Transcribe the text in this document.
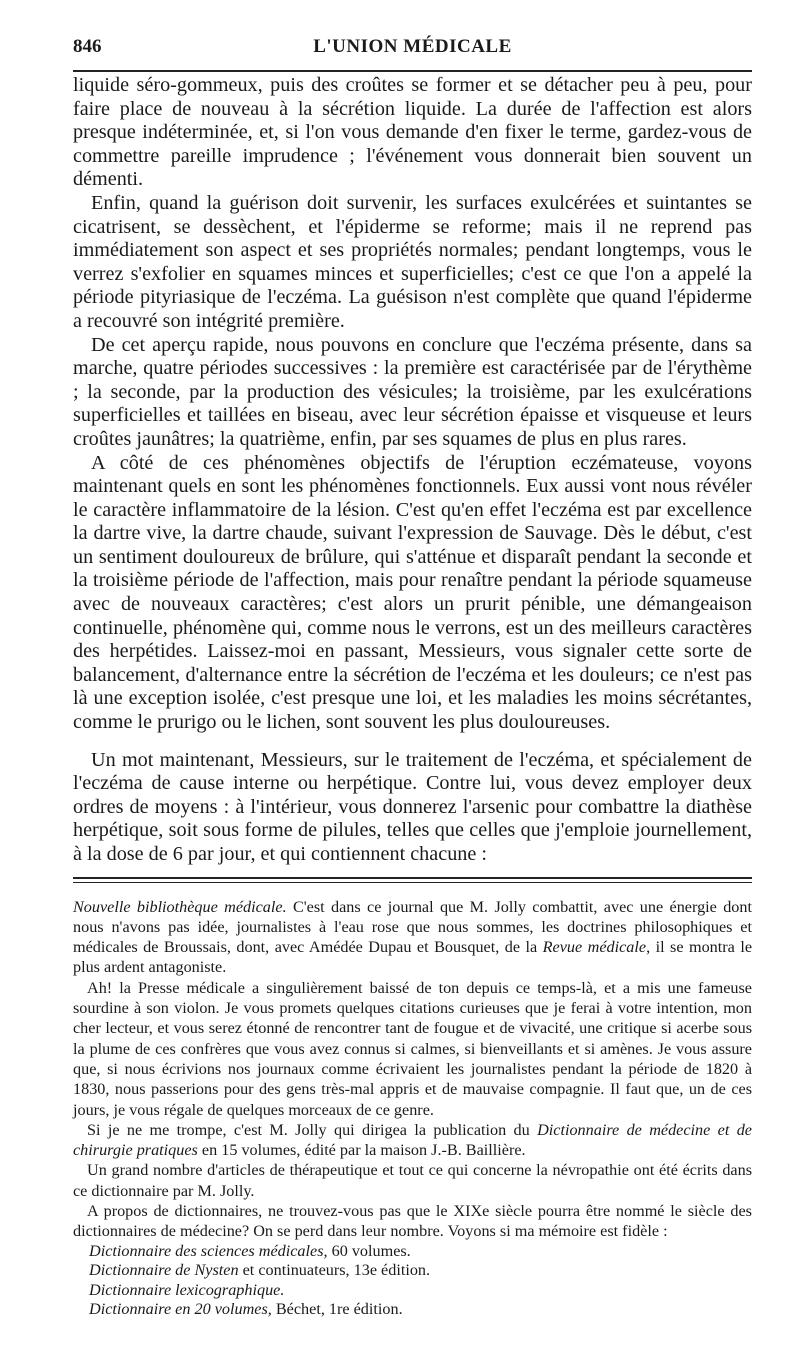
846	L'UNION MÉDICALE

liquide séro-gommeux, puis des croûtes se former et se détacher peu à peu, pour faire place de nouveau à la sécrétion liquide. La durée de l'affection est alors presque indéterminée, et, si l'on vous demande d'en fixer le terme, gardez-vous de commettre pareille imprudence ; l'événement vous donnerait bien souvent un démenti.

Enfin, quand la guérison doit survenir, les surfaces exulcérées et suintantes se cicatrisent, se dessèchent, et l'épiderme se reforme; mais il ne reprend pas immédiatement son aspect et ses propriétés normales; pendant longtemps, vous le verrez s'exfolier en squames minces et superficielles; c'est ce que l'on a appelé la période pityriasique de l'eczéma. La guésison n'est complète que quand l'épiderme a recouvré son intégrité première.

De cet aperçu rapide, nous pouvons en conclure que l'eczéma présente, dans sa marche, quatre périodes successives : la première est caractérisée par de l'érythème ; la seconde, par la production des vésicules; la troisième, par les exulcérations superficielles et taillées en biseau, avec leur sécrétion épaisse et visqueuse et leurs croûtes jaunâtres; la quatrième, enfin, par ses squames de plus en plus rares.

A côté de ces phénomènes objectifs de l'éruption eczémateuse, voyons maintenant quels en sont les phénomènes fonctionnels. Eux aussi vont nous révéler le caractère inflammatoire de la lésion. C'est qu'en effet l'eczéma est par excellence la dartre vive, la dartre chaude, suivant l'expression de Sauvage. Dès le début, c'est un sentiment douloureux de brûlure, qui s'atténue et disparaît pendant la seconde et la troisième période de l'affection, mais pour renaître pendant la période squameuse avec de nouveaux caractères; c'est alors un prurit pénible, une démangeaison continuelle, phénomène qui, comme nous le verrons, est un des meilleurs caractères des herpétides. Laissez-moi en passant, Messieurs, vous signaler cette sorte de balancement, d'alternance entre la sécrétion de l'eczéma et les douleurs; ce n'est pas là une exception isolée, c'est presque une loi, et les maladies les moins sécrétantes, comme le prurigo ou le lichen, sont souvent les plus douloureuses.

Un mot maintenant, Messieurs, sur le traitement de l'eczéma, et spécialement de l'eczéma de cause interne ou herpétique. Contre lui, vous devez employer deux ordres de moyens : à l'intérieur, vous donnerez l'arsenic pour combattre la diathèse herpétique, soit sous forme de pilules, telles que celles que j'emploie journellement, à la dose de 6 par jour, et qui contiennent chacune :

Nouvelle bibliothèque médicale. C'est dans ce journal que M. Jolly combattit, avec une énergie dont nous n'avons pas idée, journalistes à l'eau rose que nous sommes, les doctrines philosophiques et médicales de Broussais, dont, avec Amédée Dupau et Bousquet, de la Revue médicale, il se montra le plus ardent antagoniste.

Ah! la Presse médicale a singulièrement baissé de ton depuis ce temps-là, et a mis une fameuse sourdine à son violon. Je vous promets quelques citations curieuses que je ferai à votre intention, mon cher lecteur, et vous serez étonné de rencontrer tant de fougue et de vivacité, une critique si acerbe sous la plume de ces confrères que vous avez connus si calmes, si bienveillants et si amènes. Je vous assure que, si nous écrivions nos journaux comme écrivaient les journalistes pendant la période de 1820 à 1830, nous passerions pour des gens très-mal appris et de mauvaise compagnie. Il faut que, un de ces jours, je vous régale de quelques morceaux de ce genre.

Si je ne me trompe, c'est M. Jolly qui dirigea la publication du Dictionnaire de médecine et de chirurgie pratiques en 15 volumes, édité par la maison J.-B. Baillière.

Un grand nombre d'articles de thérapeutique et tout ce qui concerne la névropathie ont été écrits dans ce dictionnaire par M. Jolly.

A propos de dictionnaires, ne trouvez-vous pas que le XIXe siècle pourra être nommé le siècle des dictionnaires de médecine? On se perd dans leur nombre. Voyons si ma mémoire est fidèle :

Dictionnaire des sciences médicales, 60 volumes.
Dictionnaire de Nysten et continuateurs, 13e édition.
Dictionnaire lexicographique.
Dictionnaire en 20 volumes, Béchet, 1re édition.
